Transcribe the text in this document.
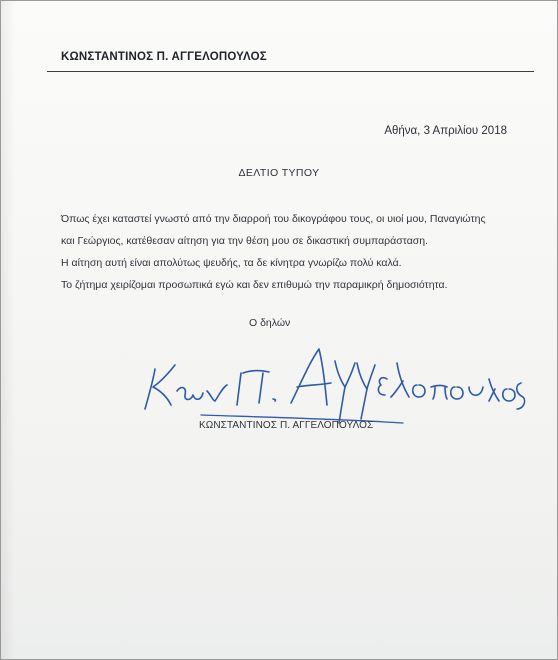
ΚΩΝΣΤΑΝΤΙΝΟΣ Π. ΑΓΓΕΛΟΠΟΥΛΟΣ
Αθήνα, 3 Απριλίου 2018
ΔΕΛΤΙΟ ΤΥΠΟΥ

Όπως έχει καταστεί γνωστό από την διαρροή του δικογράφου τους, οι υιοί μου, Παναγιώτης

και Γεώργιος, κατέθεσαν αίτηση για την θέση μου σε δικαστική συμπαράσταση.

Η αίτηση αυτή είναι απολύτως ψευδής, τα δε κίνητρα γνωρίζω πολύ καλά.

Το ζήτημα χειρίζομαι προσωπικά εγώ και δεν επιθυμώ την παραμικρή δημοσιότητα.

Ο δηλών
ΚΩΝΣΤΑΝΤΙΝΟΣ Π. ΑΓΓΕΛΟΠΟΥΛΟΣ
